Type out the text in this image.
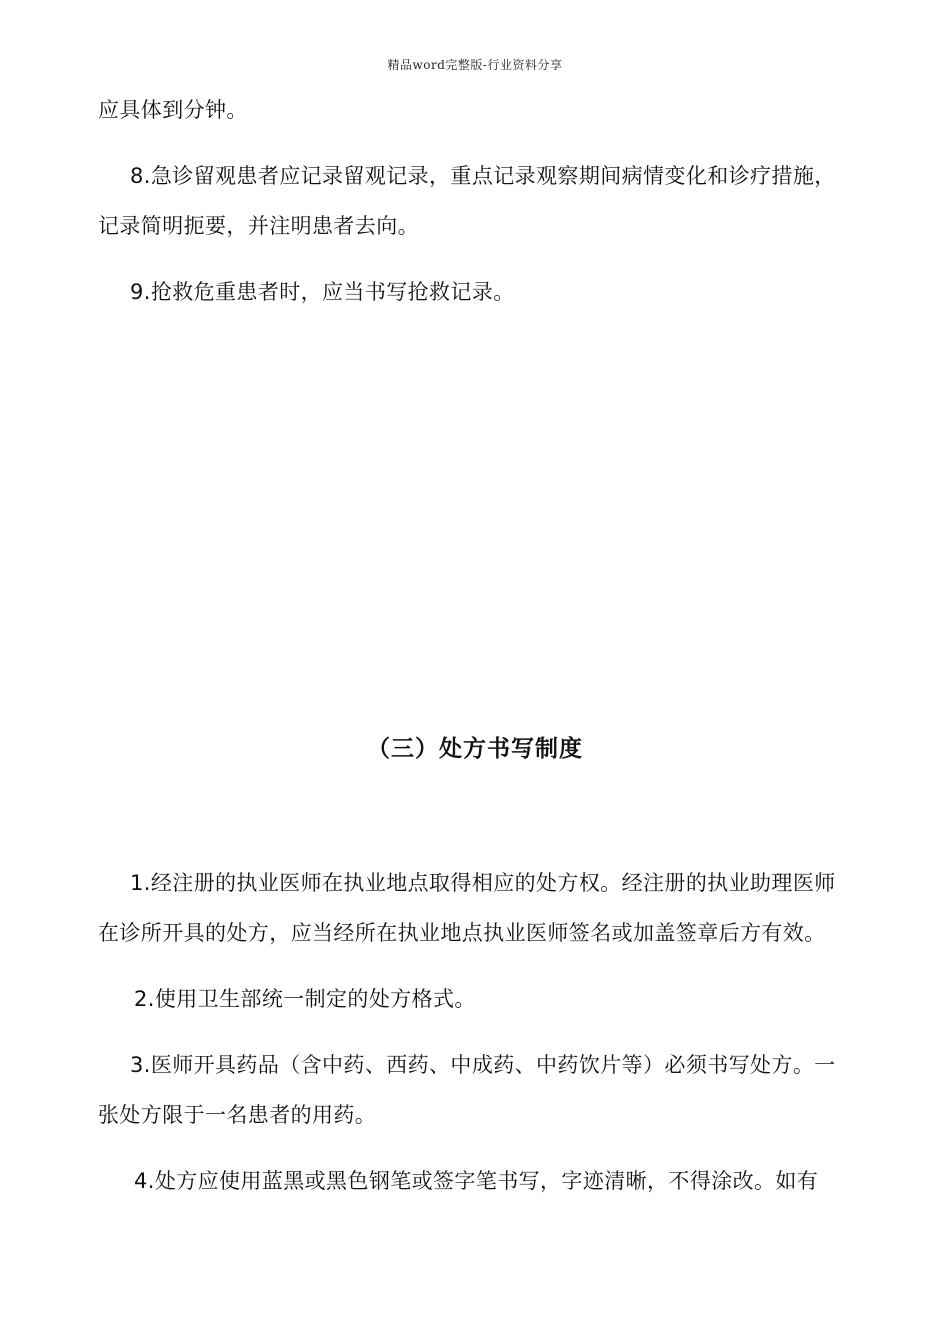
精品word完整版-行业资料分享
应具体到分钟。
8.急诊留观患者应记录留观记录，重点记录观察期间病情变化和诊疗措施，
记录简明扼要，并注明患者去向。
9.抢救危重患者时，应当书写抢救记录。
（三）处方书写制度
1.经注册的执业医师在执业地点取得相应的处方权。经注册的执业助理医师
在诊所开具的处方，应当经所在执业地点执业医师签名或加盖签章后方有效。
2.使用卫生部统一制定的处方格式。
3.医师开具药品（含中药、西药、中成药、中药饮片等）必须书写处方。一
张处方限于一名患者的用药。
4.处方应使用蓝黑或黑色钢笔或签字笔书写，字迹清晰，不得涂改。如有
